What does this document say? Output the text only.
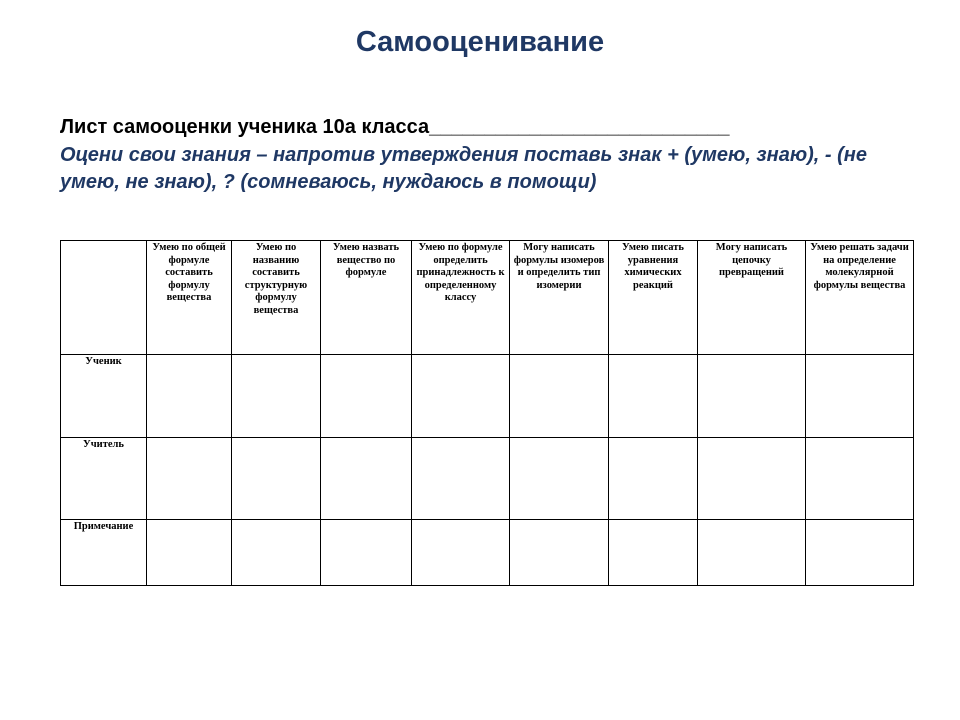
Самооценивание
Лист самооценки ученика 10а класса___________________________
Оцени свои знания – напротив утверждения поставь знак + (умею, знаю), - (не умею, не знаю), ? (сомневаюсь, нуждаюсь в помощи)
	Умею по общей формуле составить формулу вещества	Умею по названию составить структурную формулу вещества	Умею назвать вещество по формуле	Умею по формуле определить принадлежность к определенному классу	Могу написать формулы изомеров и определить тип изомерии	Умею писать уравнения химических реакций	Могу написать цепочку превращений	Умею решать задачи на определение молекулярной формулы вещества
Ученик								
Учитель								
Примечание								
